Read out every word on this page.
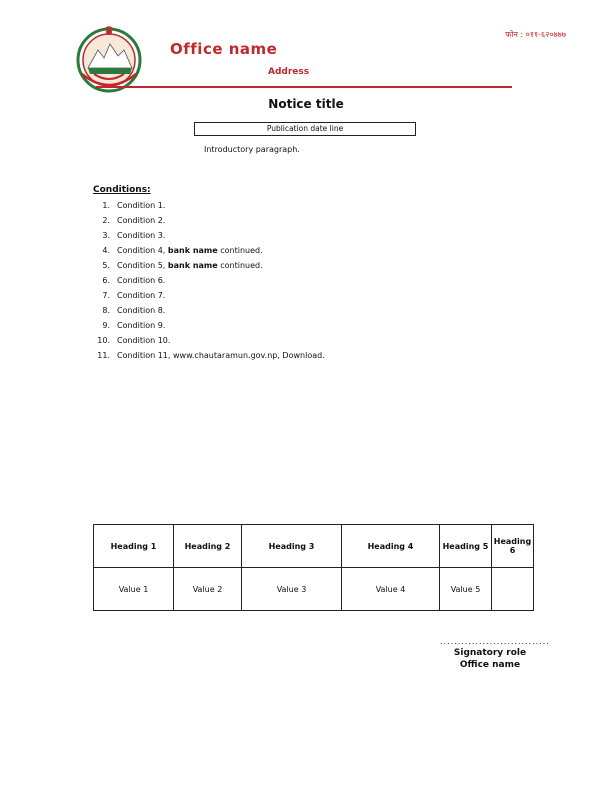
फोन : ०११-६२०७७७
Office name
Address
Notice title
Publication date line
Introductory paragraph.
Conditions:
1. Condition 1.
2. Condition 2.
3. Condition 3.
4. Condition 4, bank name continued.
5. Condition 5, bank name continued.
6. Condition 6.
7. Condition 7.
8. Condition 8.
9. Condition 9.
10. Condition 10.
11. Condition 11, www.chautaramun.gov.np, Download.
Heading 1	Heading 2	Heading 3	Heading 4	Heading 5	Heading 6
Value 1	Value 2	Value 3	Value 4	Value 5	
...............................
Signatory role
Office name
